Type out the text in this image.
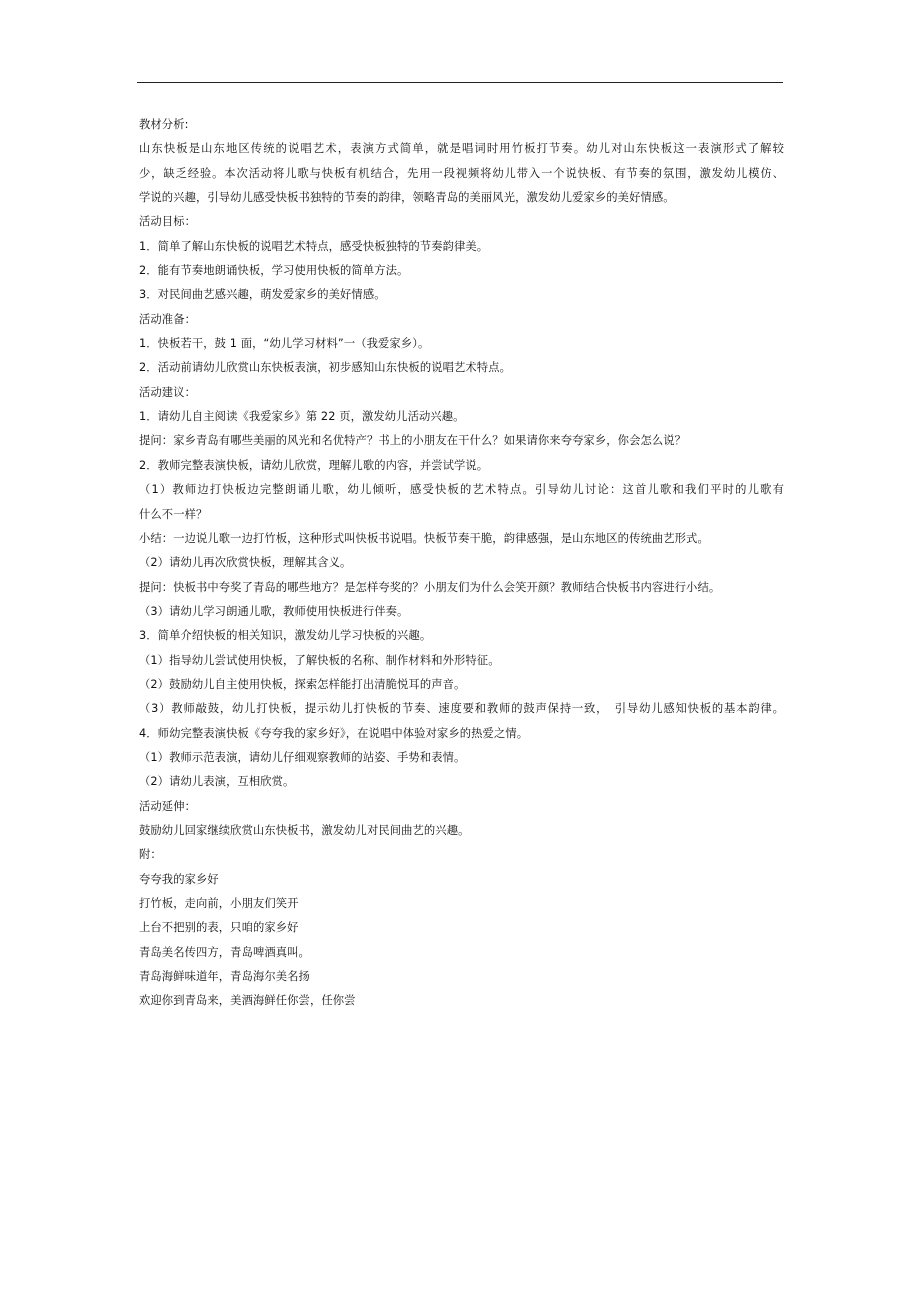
教材分析:
山东快板是山东地区传统的说唱艺术，表演方式简单，就是唱词时用竹板打节奏。幼儿对山东快板这一表演形式了解较
少，缺乏经验。本次活动将儿歌与快板有机结合，先用一段视频将幼儿带入一个说快板、有节奏的氛围，激发幼儿模仿、
学说的兴趣，引导幼儿感受快板书独特的节奏的韵律，领略青岛的美丽风光，激发幼儿爱家乡的美好情感。
活动目标：
1．简单了解山东快板的说唱艺术特点，感受快板独特的节奏韵律美。
2．能有节奏地朗诵快板，学习使用快板的简单方法。
3．对民间曲艺感兴趣，萌发爱家乡的美好情感。
活动准备：
1．快板若干，鼓 1 面，“幼儿学习材料”一（我爱家乡）。
2．活动前请幼儿欣赏山东快板表演，初步感知山东快板的说唱艺术特点。
活动建议：
1．请幼儿自主阅读《我爱家乡》第 22 页，激发幼儿活动兴趣。
提问：家乡青岛有哪些美丽的风光和名优特产？书上的小朋友在干什么？如果请你来夸夸家乡，你会怎么说？
2．教师完整表演快板，请幼儿欣赏，理解儿歌的内容，并尝试学说。
（1）教师边打快板边完整朗诵儿歌，幼儿倾听，感受快板的艺术特点。引导幼儿讨论：这首儿歌和我们平时的儿歌有
什么不一样？
小结：一边说儿歌一边打竹板，这种形式叫快板书说唱。快板节奏干脆，韵律感强，是山东地区的传统曲艺形式。
（2）请幼儿再次欣赏快板，理解其含义。
提问：快板书中夸奖了青岛的哪些地方？是怎样夸奖的？小朋友们为什么会笑开颜？教师结合快板书内容进行小结。
（3）请幼儿学习朗通儿歌，教师使用快板进行伴奏。
3．简单介绍快板的相关知识，激发幼儿学习快板的兴趣。
（1）指导幼儿尝试使用快板，了解快板的名称、制作材料和外形特征。
（2）鼓励幼儿自主使用快板，探索怎样能打出清脆悦耳的声音。
（3）教师敲鼓，幼儿打快板，提示幼儿打快板的节奏、速度要和教师的鼓声保持一致，　引导幼儿感知快板的基本韵律。
4．师幼完整表演快板《夸夸我的家乡好》，在说唱中体验对家乡的热爱之情。
（1）教师示范表演，请幼儿仔细观察教师的站姿、手势和表情。
（2）请幼儿表演，互相欣赏。
活动延伸：
鼓励幼儿回家继续欣赏山东快板书，激发幼儿对民间曲艺的兴趣。
附：
夸夸我的家乡好
打竹板，走向前，小朋友们笑开
上台不把别的表，只咱的家乡好
青岛美名传四方，青岛啤酒真叫。
青岛海鲜味道年，青岛海尔美名扬
欢迎你到青岛来，美酒海鲜任你尝，任你尝
